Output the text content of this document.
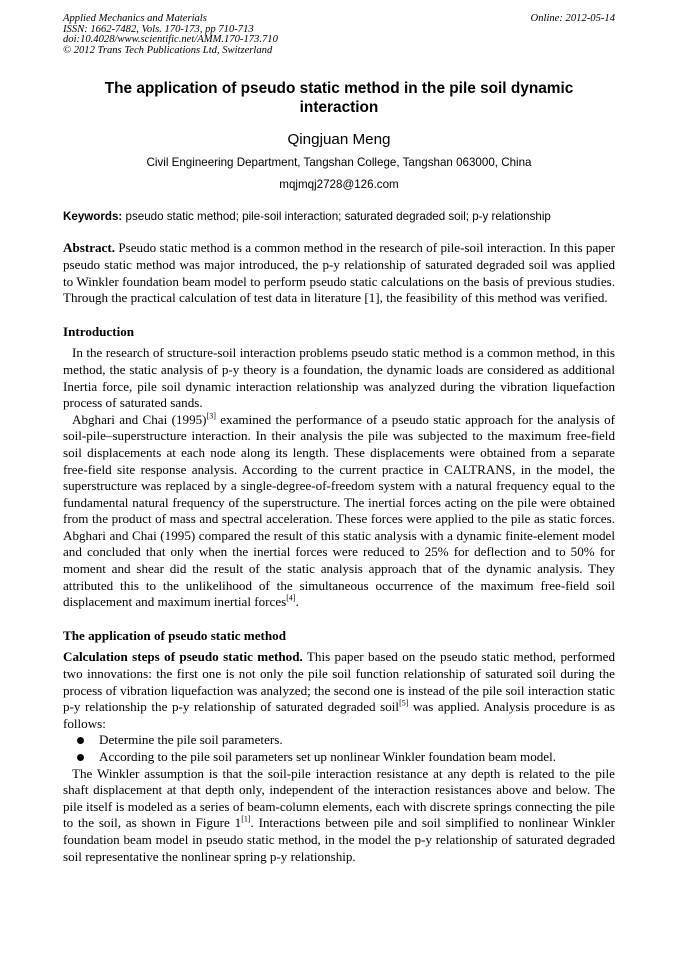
Applied Mechanics and Materials
ISSN: 1662-7482, Vols. 170-173, pp 710-713
doi:10.4028/www.scientific.net/AMM.170-173.710
© 2012 Trans Tech Publications Ltd, Switzerland
Online: 2012-05-14
The application of pseudo static method in the pile soil dynamic interaction
Qingjuan Meng
Civil Engineering Department, Tangshan College, Tangshan 063000, China
mqjmqj2728@126.com
Keywords: pseudo static method; pile-soil interaction; saturated degraded soil; p-y relationship
Abstract. Pseudo static method is a common method in the research of pile-soil interaction. In this paper pseudo static method was major introduced, the p-y relationship of saturated degraded soil was applied to Winkler foundation beam model to perform pseudo static calculations on the basis of previous studies. Through the practical calculation of test data in literature [1], the feasibility of this method was verified.
Introduction

In the research of structure-soil interaction problems pseudo static method is a common method, in this method, the static analysis of p-y theory is a foundation, the dynamic loads are considered as additional Inertia force, pile soil dynamic interaction relationship was analyzed during the vibration liquefaction process of saturated sands.

Abghari and Chai (1995)[3] examined the performance of a pseudo static approach for the analysis of soil-pile–superstructure interaction. In their analysis the pile was subjected to the maximum free-field soil displacements at each node along its length. These displacements were obtained from a separate free-field site response analysis. According to the current practice in CALTRANS, in the model, the superstructure was replaced by a single-degree-of-freedom system with a natural frequency equal to the fundamental natural frequency of the superstructure. The inertial forces acting on the pile were obtained from the product of mass and spectral acceleration. These forces were applied to the pile as static forces. Abghari and Chai (1995) compared the result of this static analysis with a dynamic finite-element model and concluded that only when the inertial forces were reduced to 25% for deflection and to 50% for moment and shear did the result of the static analysis approach that of the dynamic analysis. They attributed this to the unlikelihood of the simultaneous occurrence of the maximum free-field soil displacement and maximum inertial forces[4].

The application of pseudo static method

Calculation steps of pseudo static method. This paper based on the pseudo static method, performed two innovations: the first one is not only the pile soil function relationship of saturated soil during the process of vibration liquefaction was analyzed; the second one is instead of the pile soil interaction static p-y relationship the p-y relationship of saturated degraded soil[5] was applied. Analysis procedure is as follows:

Determine the pile soil parameters.
According to the pile soil parameters set up nonlinear Winkler foundation beam model.

The Winkler assumption is that the soil-pile interaction resistance at any depth is related to the pile shaft displacement at that depth only, independent of the interaction resistances above and below. The pile itself is modeled as a series of beam-column elements, each with discrete springs connecting the pile to the soil, as shown in Figure 1[1]. Interactions between pile and soil simplified to nonlinear Winkler foundation beam model in pseudo static method, in the model the p-y relationship of saturated degraded soil representative the nonlinear spring p-y relationship.
